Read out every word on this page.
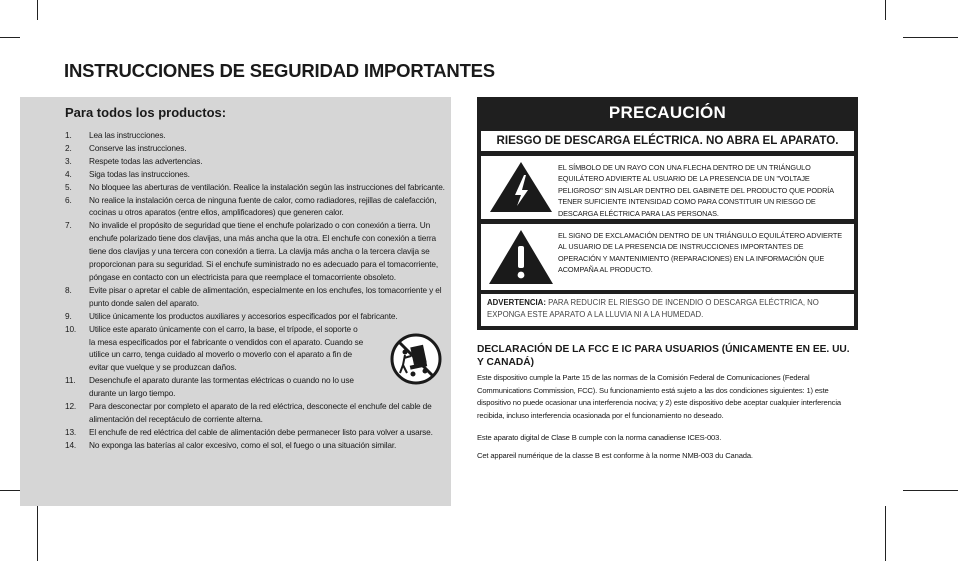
INSTRUCCIONES DE SEGURIDAD IMPORTANTES
Para todos los productos:
1. Lea las instrucciones.
2. Conserve las instrucciones.
3. Respete todas las advertencias.
4. Siga todas las instrucciones.
5. No bloquee las aberturas de ventilación. Realice la instalación según las instrucciones del fabricante.
6. No realice la instalación cerca de ninguna fuente de calor, como radiadores, rejillas de calefacción, cocinas u otros aparatos (entre ellos, amplificadores) que generen calor.
7. No invalide el propósito de seguridad que tiene el enchufe polarizado o con conexión a tierra. Un enchufe polarizado tiene dos clavijas, una más ancha que la otra. El enchufe con conexión a tierra tiene dos clavijas y una tercera con conexión a tierra. La clavija más ancha o la tercera clavija se proporcionan para su seguridad. Si el enchufe suministrado no es adecuado para el tomacorriente, póngase en contacto con un electricista para que reemplace el tomacorriente obsoleto.
8. Evite pisar o apretar el cable de alimentación, especialmente en los enchufes, los tomacorriente y el punto donde salen del aparato.
9. Utilice únicamente los productos auxiliares y accesorios especificados por el fabricante.
10. Utilice este aparato únicamente con el carro, la base, el trípode, el soporte o la mesa especificados por el fabricante o vendidos con el aparato. Cuando se utilice un carro, tenga cuidado al moverlo o moverlo con el aparato a fin de evitar que vuelque y se produzcan daños.
11. Desenchufe el aparato durante las tormentas eléctricas o cuando no lo use durante un largo tiempo.
12. Para desconectar por completo el aparato de la red eléctrica, desconecte el enchufe del cable de alimentación del receptáculo de corriente alterna.
13. El enchufe de red eléctrica del cable de alimentación debe permanecer listo para volver a usarse.
14. No exponga las baterías al calor excesivo, como el sol, el fuego o una situación similar.
PRECAUCIÓN
RIESGO DE DESCARGA ELÉCTRICA. NO ABRA EL APARATO.
EL SÍMBOLO DE UN RAYO CON UNA FLECHA DENTRO DE UN TRIÁNGULO EQUILÁTERO ADVIERTE AL USUARIO DE LA PRESENCIA DE UN "VOLTAJE PELIGROSO" SIN AISLAR DENTRO DEL GABINETE DEL PRODUCTO QUE PODRÍA TENER SUFICIENTE INTENSIDAD COMO PARA CONSTITUIR UN RIESGO DE DESCARGA ELÉCTRICA PARA LAS PERSONAS.
EL SIGNO DE EXCLAMACIÓN DENTRO DE UN TRIÁNGULO EQUILÁTERO ADVIERTE AL USUARIO DE LA PRESENCIA DE INSTRUCCIONES IMPORTANTES DE OPERACIÓN Y MANTENIMIENTO (REPARACIONES) EN LA INFORMACIÓN QUE ACOMPAÑA AL PRODUCTO.
ADVERTENCIA: PARA REDUCIR EL RIESGO DE INCENDIO O DESCARGA ELÉCTRICA, NO EXPONGA ESTE APARATO A LA LLUVIA NI A LA HUMEDAD.
DECLARACIÓN DE LA FCC E IC PARA USUARIOS (ÚNICAMENTE EN EE. UU. Y CANADÁ)

Este dispositivo cumple la Parte 15 de las normas de la Comisión Federal de Comunicaciones (Federal Communications Commission, FCC). Su funcionamiento está sujeto a las dos condiciones siguientes: 1) este dispositivo no puede ocasionar una interferencia nociva; y 2) este dispositivo debe aceptar cualquier interferencia recibida, incluso interferencia ocasionada por el funcionamiento no deseado.

Este aparato digital de Clase B cumple con la norma canadiense ICES-003.

Cet appareil numérique de la classe B est conforme à la norme NMB-003 du Canada.
